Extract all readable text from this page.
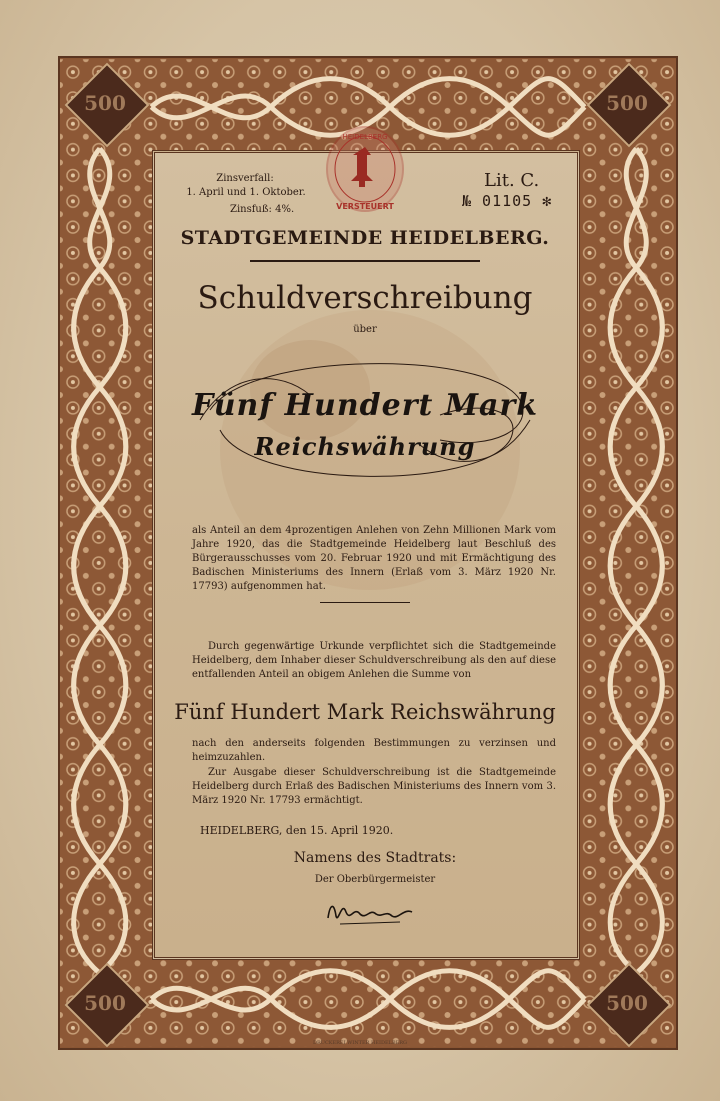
500	500
500	500
HEIDELBERG
VERSTEUERT
Zinsverfall:
1. April und 1. Oktober.
Zinsfuß: 4%.
Lit. C.
№ 01105 ✻
STADTGEMEINDE HEIDELBERG.
Schuldverschreibung
über
Fünf Hundert Mark
Reichswährung
als Anteil an dem 4prozentigen Anlehen von Zehn Millionen Mark vom Jahre 1920, das die Stadtgemeinde Heidelberg laut Beschluß des Bürgerausschusses vom 20. Februar 1920 und mit Ermächtigung des Badischen Ministeriums des Innern (Erlaß vom 3. März 1920 Nr. 17793) aufgenommen hat.
Durch gegenwärtige Urkunde verpflichtet sich die Stadtgemeinde Heidelberg, dem Inhaber dieser Schuldverschreibung als den auf diese entfallenden Anteil an obigem Anlehen die Summe von
Fünf Hundert Mark Reichswährung
nach den anderseits folgenden Bestimmungen zu verzinsen und heimzuzahlen.
Zur Ausgabe dieser Schuldverschreibung ist die Stadtgemeinde Heidelberg durch Erlaß des Badischen Ministeriums des Innern vom 3. März 1920 Nr. 17793 ermächtigt.
HEIDELBERG, den 15. April 1920.
Namens des Stadtrats:
Der Oberbürgermeister
DRUCKEREI WINTER HEIDELBERG
